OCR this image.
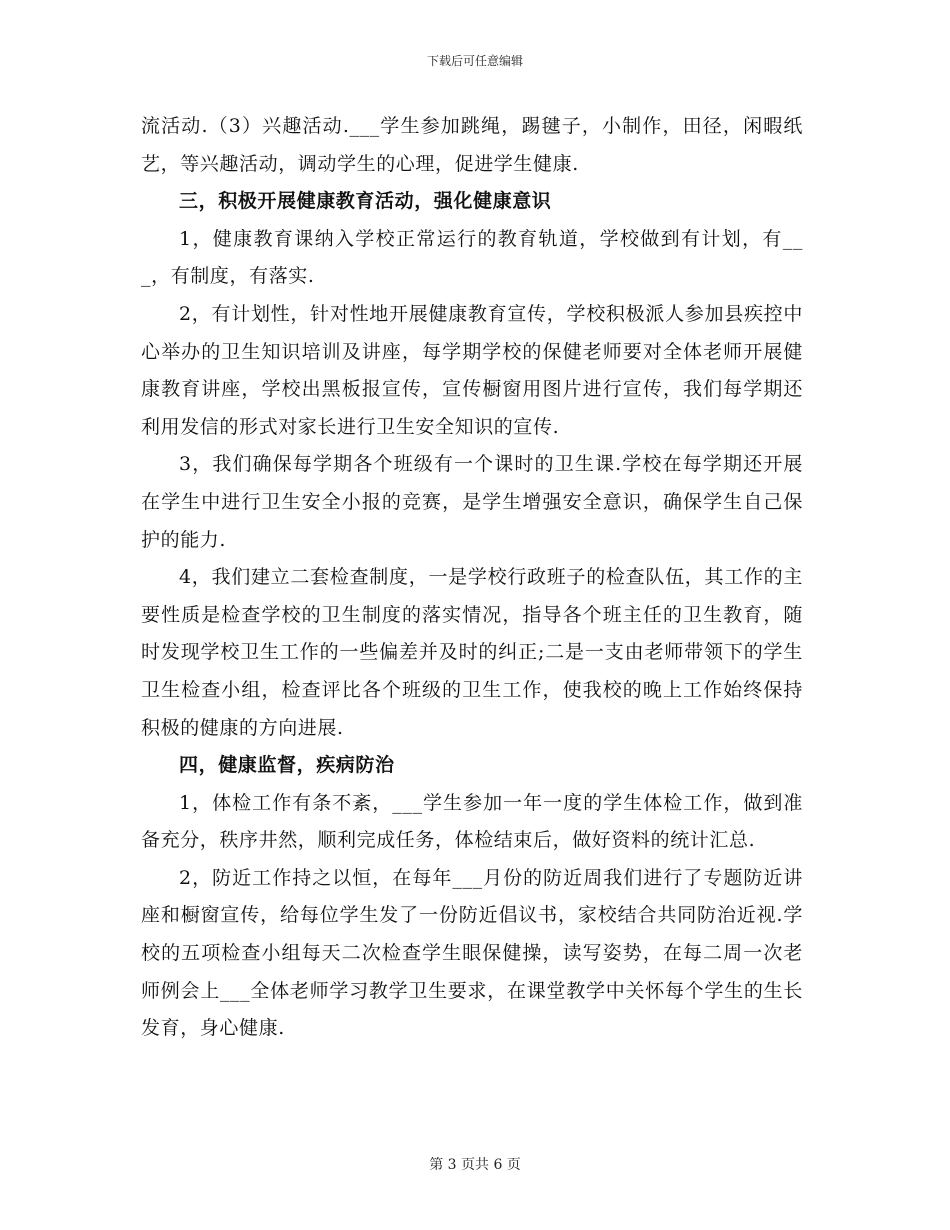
下载后可任意编辑

流活动.（3）兴趣活动.___学生参加跳绳，踢毽子，小制作，田径，闲暇纸艺，等兴趣活动，调动学生的心理，促进学生健康.

三，积极开展健康教育活动，强化健康意识

1，健康教育课纳入学校正常运行的教育轨道，学校做到有计划，有___，有制度，有落实.

2，有计划性，针对性地开展健康教育宣传，学校积极派人参加县疾控中心举办的卫生知识培训及讲座，每学期学校的保健老师要对全体老师开展健康教育讲座，学校出黑板报宣传，宣传橱窗用图片进行宣传，我们每学期还利用发信的形式对家长进行卫生安全知识的宣传.

3，我们确保每学期各个班级有一个课时的卫生课.学校在每学期还开展在学生中进行卫生安全小报的竞赛，是学生增强安全意识，确保学生自己保护的能力.

4，我们建立二套检查制度，一是学校行政班子的检查队伍，其工作的主要性质是检查学校的卫生制度的落实情况，指导各个班主任的卫生教育，随时发现学校卫生工作的一些偏差并及时的纠正;二是一支由老师带领下的学生卫生检查小组，检查评比各个班级的卫生工作，使我校的晚上工作始终保持积极的健康的方向进展.

四，健康监督，疾病防治

1，体检工作有条不紊，___学生参加一年一度的学生体检工作，做到准备充分，秩序井然，顺利完成任务，体检结束后，做好资料的统计汇总.

2，防近工作持之以恒，在每年___月份的防近周我们进行了专题防近讲座和橱窗宣传，给每位学生发了一份防近倡议书，家校结合共同防治近视.学校的五项检查小组每天二次检查学生眼保健操，读写姿势，在每二周一次老师例会上___全体老师学习教学卫生要求，在课堂教学中关怀每个学生的生长发育，身心健康.

第 3 页共 6 页
